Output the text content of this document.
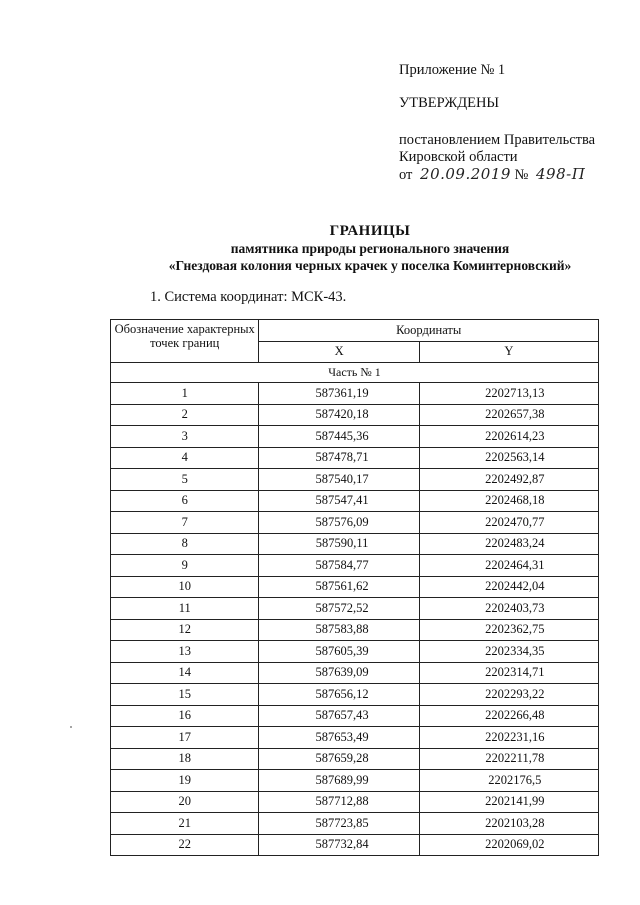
Приложение № 1
УТВЕРЖДЕНЫ
постановлением Правительства
Кировской области
от 20.09.2019 № 498-П
ГРАНИЦЫ
памятника природы регионального значения
«Гнездовая колония черных крачек у поселка Коминтерновский»
1. Система координат: МСК-43.
Обозначение характерных точек границ	Координаты	
	X	Y
Часть № 1		
1	587361,19	2202713,13
2	587420,18	2202657,38
3	587445,36	2202614,23
4	587478,71	2202563,14
5	587540,17	2202492,87
6	587547,41	2202468,18
7	587576,09	2202470,77
8	587590,11	2202483,24
9	587584,77	2202464,31
10	587561,62	2202442,04
11	587572,52	2202403,73
12	587583,88	2202362,75
13	587605,39	2202334,35
14	587639,09	2202314,71
15	587656,12	2202293,22
16	587657,43	2202266,48
17	587653,49	2202231,16
18	587659,28	2202211,78
19	587689,99	2202176,5
20	587712,88	2202141,99
21	587723,85	2202103,28
22	587732,84	2202069,02
